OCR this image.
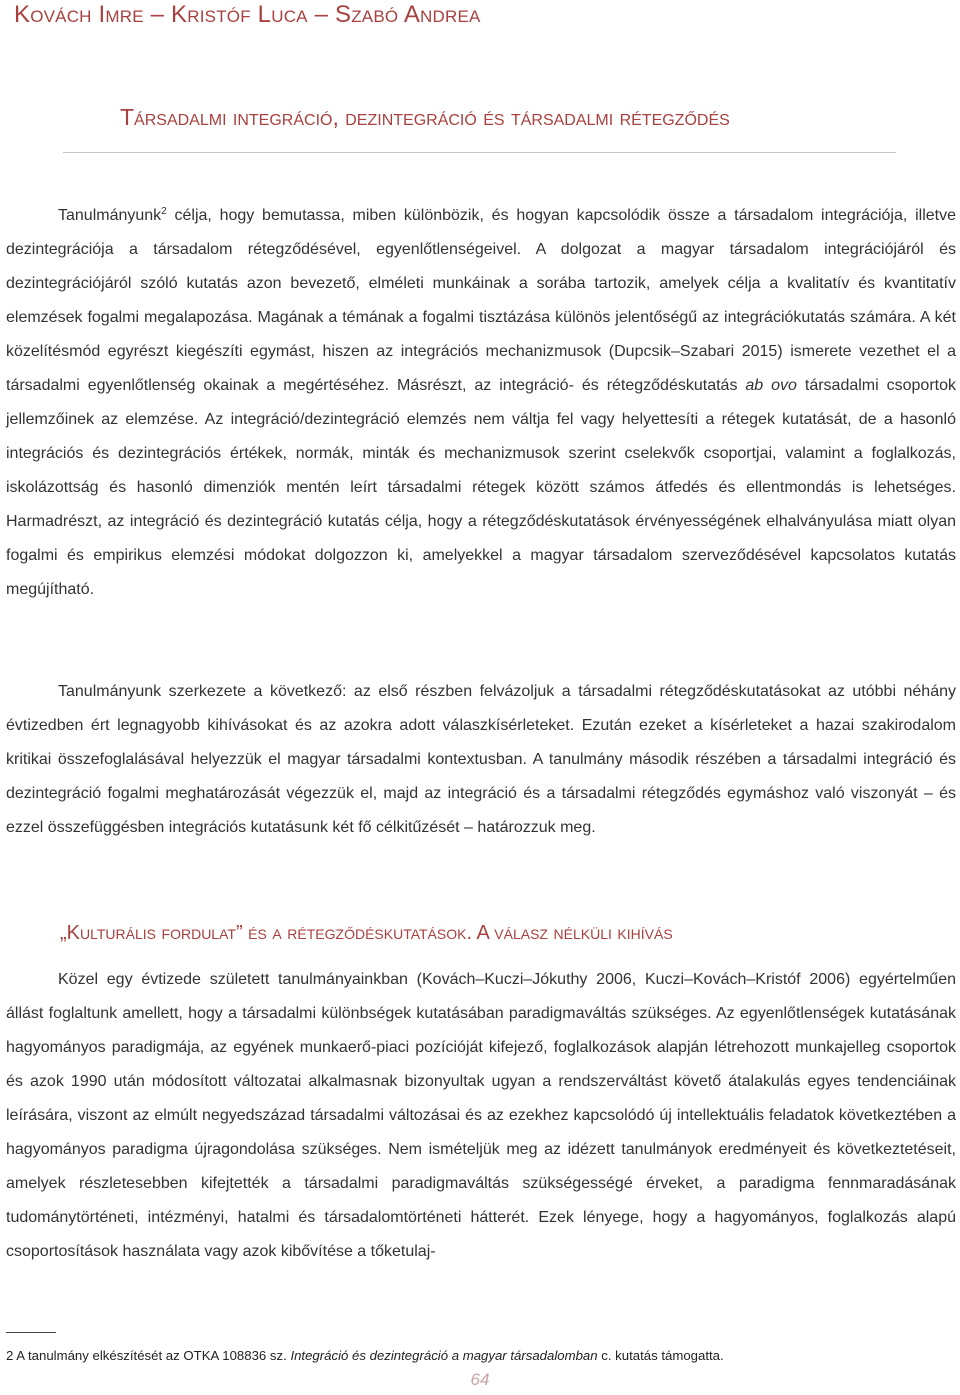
Kovách Imre – Kristóf Luca – Szabó Andrea
Társadalmi integráció, dezintegráció és társadalmi rétegződés

Tanulmányunk$^2$ célja, hogy bemutassa, miben különbözik, és hogyan kapcsolódik össze a társadalom integrációja, illetve dezintegrációja a társadalom rétegződésével, egyenlőtlenségeivel. A dolgozat a magyar társadalom integrációjáról és dezintegrációjáról szóló kutatás azon bevezető, elméleti munkáinak a sorába tartozik, amelyek célja a kvalitatív és kvantitatív elemzések fogalmi megalapozása. Magának a témának a fogalmi tisztázása különös jelentőségű az integrációkutatás számára. A két közelítésmód egyrészt kiegészíti egymást, hiszen az integrációs mechanizmusok (Dupcsik–Szabari 2015) ismerete vezethet el a társadalmi egyenlőtlenség okainak a megértéséhez. Másrészt, az integráció- és rétegződéskutatás ab ovo társadalmi csoportok jellemzőinek az elemzése. Az integráció/dezintegráció elemzés nem váltja fel vagy helyettesíti a rétegek kutatását, de a hasonló integrációs és dezintegrációs értékek, normák, minták és mechanizmusok szerint cselekvők csoportjai, valamint a foglalkozás, iskolázottság és hasonló dimenziók mentén leírt társadalmi rétegek között számos átfedés és ellentmondás is lehetséges. Harmadrészt, az integráció és dezintegráció kutatás célja, hogy a rétegződéskutatások érvényességének elhalványulása miatt olyan fogalmi és empirikus elemzési módokat dolgozzon ki, amelyekkel a magyar társadalom szerveződésével kapcsolatos kutatás megújítható.

Tanulmányunk szerkezete a következő: az első részben felvázoljuk a társadalmi rétegződéskutatásokat az utóbbi néhány évtizedben ért legnagyobb kihívásokat és az azokra adott válaszkísérleteket. Ezután ezeket a kísérleteket a hazai szakirodalom kritikai összefoglalásával helyezzük el magyar társadalmi kontextusban. A tanulmány második részében a társadalmi integráció és dezintegráció fogalmi meghatározását végezzük el, majd az integráció és a társadalmi rétegződés egymáshoz való viszonyát – és ezzel összefüggésben integrációs kutatásunk két fő célkitűzését – határozzuk meg.

„Kulturális fordulat” és a rétegződéskutatások. A válasz nélküli kihívás

Közel egy évtizede született tanulmányainkban (Kovách–Kuczi–Jókuthy 2006, Kuczi–Kovách–Kristóf 2006) egyértelműen állást foglaltunk amellett, hogy a társadalmi különbségek kutatásában paradigmaváltás szükséges. Az egyenlőtlenségek kutatásának hagyományos paradigmája, az egyének munkaerő-piaci pozícióját kifejező, foglalkozások alapján létrehozott munkajelleg csoportok és azok 1990 után módosított változatai alkalmasnak bizonyultak ugyan a rendszerváltást követő átalakulás egyes tendenciáinak leírására, viszont az elmúlt negyedszázad társadalmi változásai és az ezekhez kapcsolódó új intellektuális feladatok következtében a hagyományos paradigma újragondolása szükséges. Nem ismételjük meg az idézett tanulmányok eredményeit és következtetéseit, amelyek részletesebben kifejtették a társadalmi paradigmaváltás szükségességé érveket, a paradigma fennmaradásának tudománytörténeti, intézményi, hatalmi és társadalomtörténeti hátterét. Ezek lényege, hogy a hagyományos, foglalkozás alapú csoportosítások használata vagy azok kibővítése a tőketulaj-

2 A tanulmány elkészítését az OTKA 108836 sz. Integráció és dezintegráció a magyar társadalomban c. kutatás támogatta.
64
